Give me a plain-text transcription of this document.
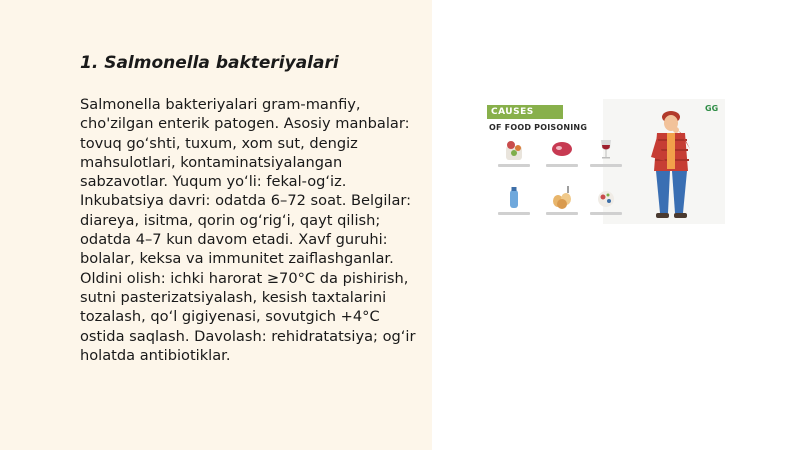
1. Salmonella bakteriyalari
Salmonella bakteriyalari gram-manfiy,
cho'zilgan enterik patogen. Asosiy manbalar:
tovuq go‘shti, tuxum, xom sut, dengiz
mahsulotlari, kontaminatsiyalangan
sabzavotlar. Yuqum yo‘li: fekal-og‘iz.
Inkubatsiya davri: odatda 6–72 soat. Belgilar:
diareya, isitma, qorin og‘rig‘i, qayt qilish;
odatda 4–7 kun davom etadi. Xavf guruhi:
bolalar, keksa va immunitet zaiflashganlar.
Oldini olish: ichki harorat ≥70°C da pishirish,
sutni pasterizatsiyalash, kesish taxtalarini
tozalash, qo‘l gigiyenasi, sovutgich +4°C
ostida saqlash. Davolash: rehidratatsiya; og‘ir
holatda antibiotiklar.
CAUSES
OF FOOD POISONING
GG
